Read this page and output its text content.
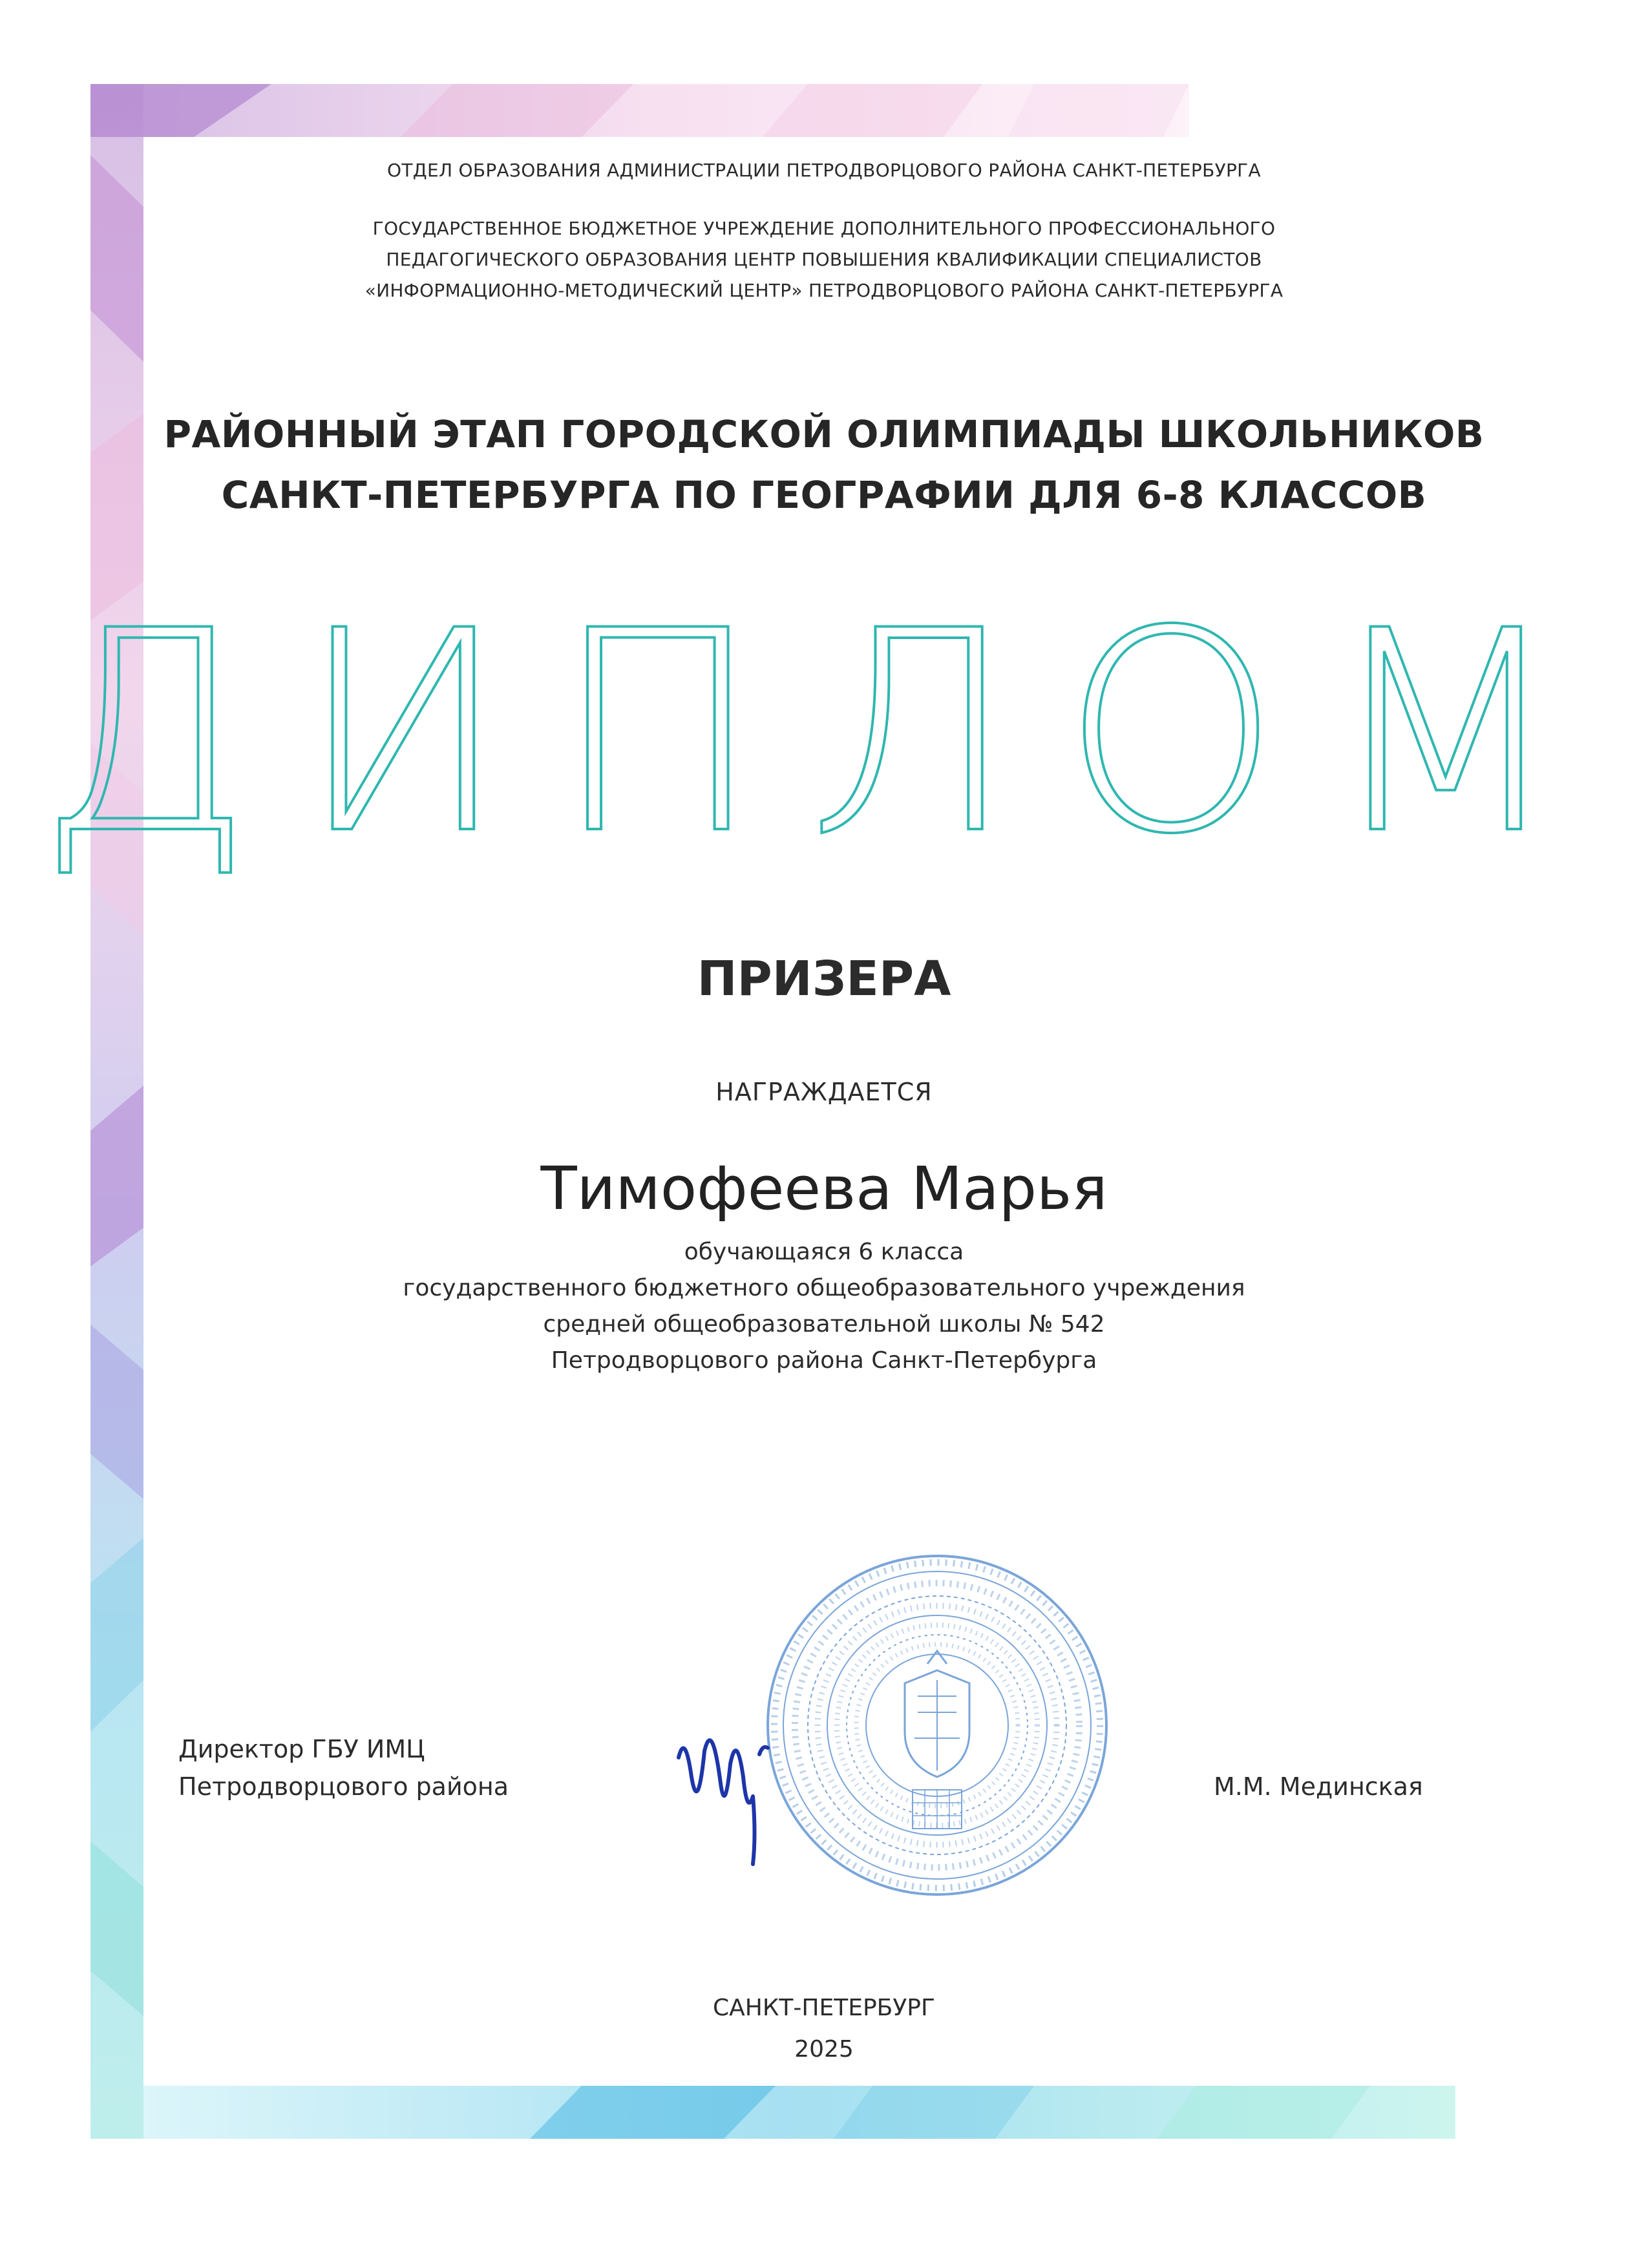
ОТДЕЛ ОБРАЗОВАНИЯ АДМИНИСТРАЦИИ ПЕТРОДВОРЦОВОГО РАЙОНА САНКТ-ПЕТЕРБУРГА
ГОСУДАРСТВЕННОЕ БЮДЖЕТНОЕ УЧРЕЖДЕНИЕ ДОПОЛНИТЕЛЬНОГО ПРОФЕССИОНАЛЬНОГО
ПЕДАГОГИЧЕСКОГО ОБРАЗОВАНИЯ ЦЕНТР ПОВЫШЕНИЯ КВАЛИФИКАЦИИ СПЕЦИАЛИСТОВ
«ИНФОРМАЦИОННО-МЕТОДИЧЕСКИЙ ЦЕНТР» ПЕТРОДВОРЦОВОГО РАЙОНА САНКТ-ПЕТЕРБУРГА
РАЙОННЫЙ ЭТАП ГОРОДСКОЙ ОЛИМПИАДЫ ШКОЛЬНИКОВ
САНКТ-ПЕТЕРБУРГА ПО ГЕОГРАФИИ ДЛЯ 6-8 КЛАССОВ
ДИПЛОМ
ПРИЗЕРА
НАГРАЖДАЕТСЯ
Тимофеева Марья
обучающаяся 6 класса
государственного бюджетного общеобразовательного учреждения
средней общеобразовательной школы № 542
Петродворцового района Санкт-Петербурга
Директор ГБУ ИМЦ
Петродворцового района	М.М. Мединская
САНКТ-ПЕТЕРБУРГ
2025
